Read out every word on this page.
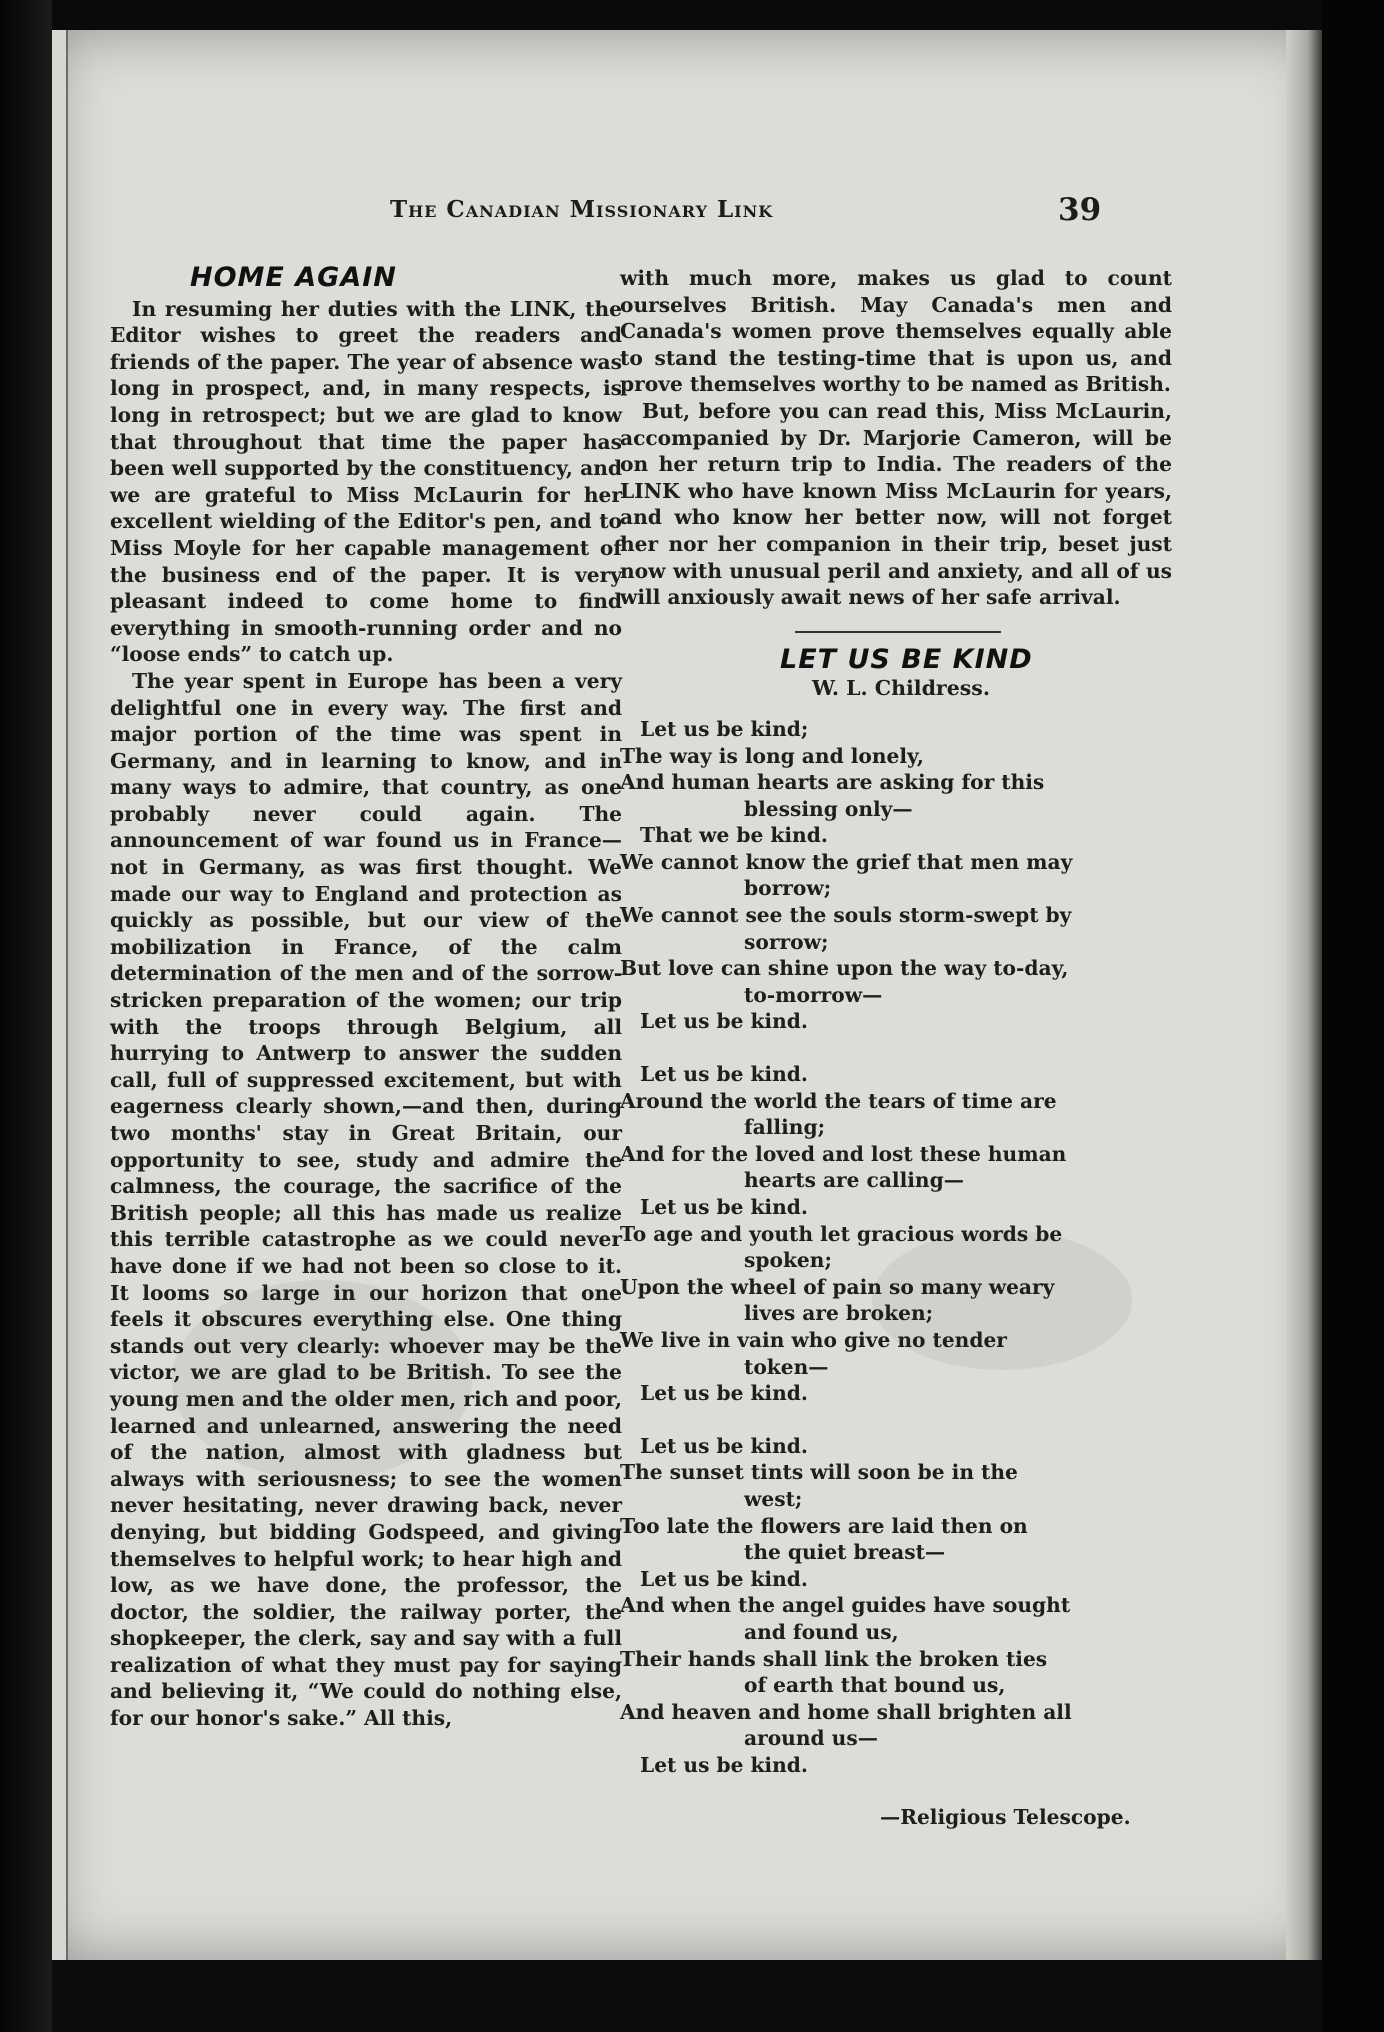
The Canadian Missionary Link	39
HOME AGAIN

In resuming her duties with the LINK, the Editor wishes to greet the readers and friends of the paper. The year of absence was long in prospect, and, in many respects, is long in retrospect; but we are glad to know that throughout that time the paper has been well supported by the constituency, and we are grateful to Miss McLaurin for her excellent wielding of the Editor's pen, and to Miss Moyle for her capable management of the business end of the paper. It is very pleasant indeed to come home to find everything in smooth-running order and no “loose ends” to catch up.

The year spent in Europe has been a very delightful one in every way. The first and major portion of the time was spent in Germany, and in learning to know, and in many ways to admire, that country, as one probably never could again. The announcement of war found us in France—not in Germany, as was first thought. We made our way to England and protection as quickly as possible, but our view of the mobilization in France, of the calm determination of the men and of the sorrow-stricken preparation of the women; our trip with the troops through Belgium, all hurrying to Antwerp to answer the sudden call, full of suppressed excitement, but with eagerness clearly shown,—and then, during two months' stay in Great Britain, our opportunity to see, study and admire the calmness, the courage, the sacrifice of the British people; all this has made us realize this terrible catastrophe as we could never have done if we had not been so close to it. It looms so large in our horizon that one feels it obscures everything else. One thing stands out very clearly: whoever may be the victor, we are glad to be British. To see the young men and the older men, rich and poor, learned and unlearned, answering the need of the nation, almost with gladness but always with seriousness; to see the women never hesitating, never drawing back, never denying, but bidding Godspeed, and giving themselves to helpful work; to hear high and low, as we have done, the professor, the doctor, the soldier, the railway porter, the shopkeeper, the clerk, say and say with a full realization of what they must pay for saying and believing it, “We could do nothing else, for our honor's sake.” All this,

with much more, makes us glad to count ourselves British. May Canada's men and Canada's women prove themselves equally able to stand the testing-time that is upon us, and prove themselves worthy to be named as British.

But, before you can read this, Miss McLaurin, accompanied by Dr. Marjorie Cameron, will be on her return trip to India. The readers of the LINK who have known Miss McLaurin for years, and who know her better now, will not forget her nor her companion in their trip, beset just now with unusual peril and anxiety, and all of us will anxiously await news of her safe arrival.

LET US BE KIND

W. L. Childress.

Let us be kind;

The way is long and lonely,

And human hearts are asking for this

blessing only—

That we be kind.

We cannot know the grief that men may

borrow;

We cannot see the souls storm-swept by

sorrow;

But love can shine upon the way to-day,

to-morrow—

Let us be kind.

Let us be kind.

Around the world the tears of time are

falling;

And for the loved and lost these human

hearts are calling—

Let us be kind.

To age and youth let gracious words be

spoken;

Upon the wheel of pain so many weary

lives are broken;

We live in vain who give no tender

token—

Let us be kind.

Let us be kind.

The sunset tints will soon be in the

west;

Too late the flowers are laid then on

the quiet breast—

Let us be kind.

And when the angel guides have sought

and found us,

Their hands shall link the broken ties

of earth that bound us,

And heaven and home shall brighten all

around us—

Let us be kind.

—Religious Telescope.
